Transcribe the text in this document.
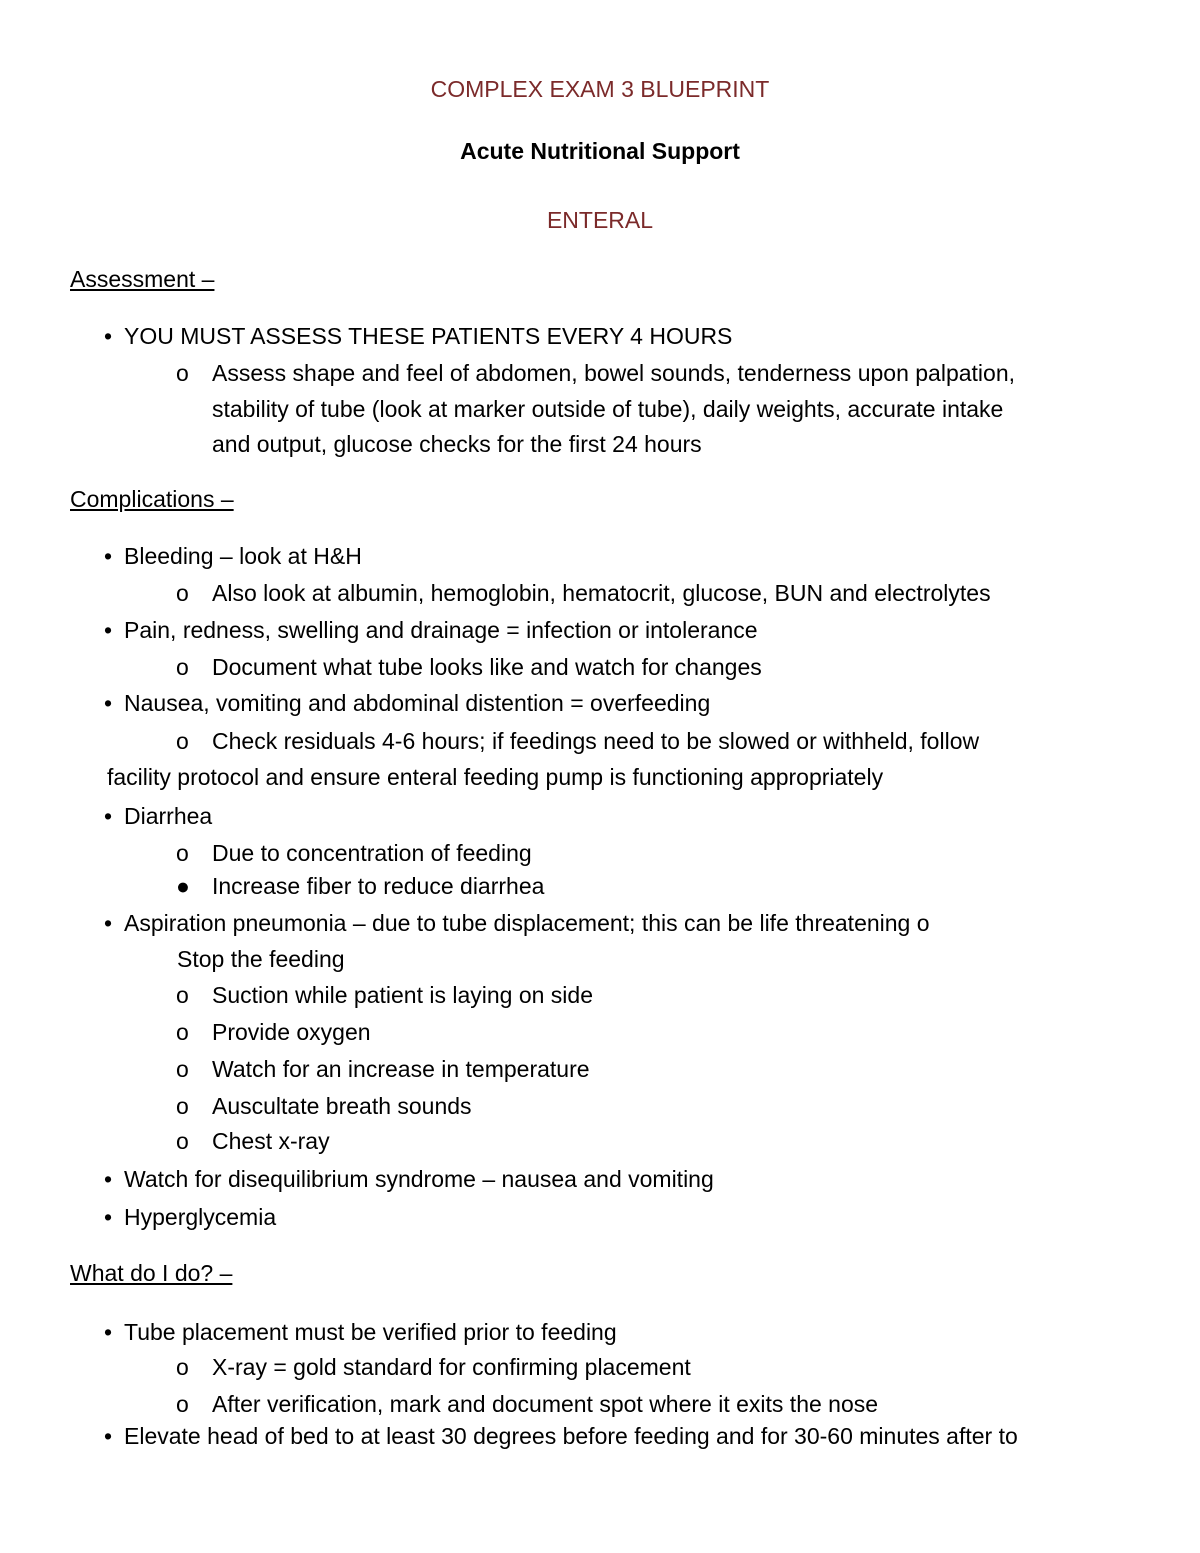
COMPLEX EXAM 3 BLUEPRINT
Acute Nutritional Support
ENTERAL
Assessment –
• YOU MUST ASSESS THESE PATIENTS EVERY 4 HOURS
o Assess shape and feel of abdomen, bowel sounds, tenderness upon palpation,
stability of tube (look at marker outside of tube), daily weights, accurate intake
and output, glucose checks for the first 24 hours
Complications –
• Bleeding – look at H&H
o Also look at albumin, hemoglobin, hematocrit, glucose, BUN and electrolytes
• Pain, redness, swelling and drainage = infection or intolerance
o Document what tube looks like and watch for changes
• Nausea, vomiting and abdominal distention = overfeeding
o Check residuals 4-6 hours; if feedings need to be slowed or withheld, follow
facility protocol and ensure enteral feeding pump is functioning appropriately
• Diarrhea
o Due to concentration of feeding
● Increase fiber to reduce diarrhea
• Aspiration pneumonia – due to tube displacement; this can be life threatening o
Stop the feeding
o Suction while patient is laying on side
o Provide oxygen
o Watch for an increase in temperature
o Auscultate breath sounds
o Chest x-ray
• Watch for disequilibrium syndrome – nausea and vomiting
• Hyperglycemia
What do I do? –
• Tube placement must be verified prior to feeding
o X-ray = gold standard for confirming placement
o After verification, mark and document spot where it exits the nose
• Elevate head of bed to at least 30 degrees before feeding and for 30-60 minutes after to
